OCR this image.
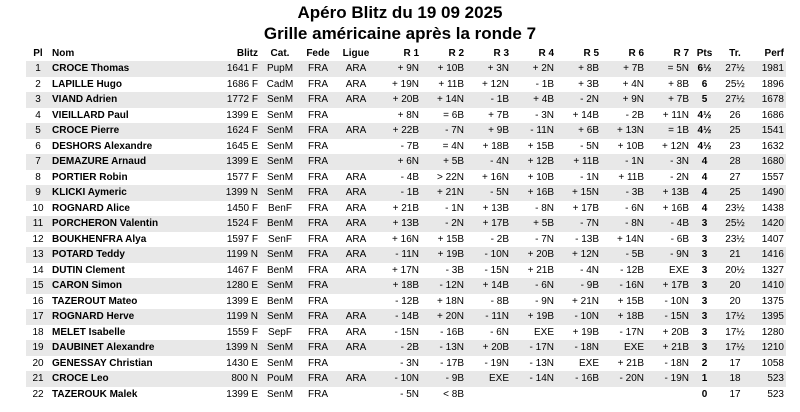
Apéro Blitz du 19 09 2025
Grille américaine après la ronde 7
Pl	Nom	Blitz	Cat.	Fede	Ligue	R 1	R 2	R 3	R 4	R 5	R 6	R 7	Pts	Tr.	Perf
1	CROCE Thomas	1641 F	PupM	FRA	ARA	+ 9N	+ 10B	+ 3N	+ 2N	+ 8B	+ 7B	= 5N	6½	27½	1981
2	LAPILLE Hugo	1686 F	CadM	FRA	ARA	+ 19N	+ 11B	+ 12N	- 1B	+ 3B	+ 4N	+ 8B	6	25½	1896
3	VIAND Adrien	1772 F	SenM	FRA	ARA	+ 20B	+ 14N	- 1B	+ 4B	- 2N	+ 9N	+ 7B	5	27½	1678
4	VIEILLARD Paul	1399 E	SenM	FRA		+ 8N	= 6B	+ 7B	- 3N	+ 14B	- 2B	+ 11N	4½	26	1686
5	CROCE Pierre	1624 F	SenM	FRA	ARA	+ 22B	- 7N	+ 9B	- 11N	+ 6B	+ 13N	= 1B	4½	25	1541
6	DESHORS Alexandre	1645 E	SenM	FRA		- 7B	= 4N	+ 18B	+ 15B	- 5N	+ 10B	+ 12N	4½	23	1632
7	DEMAZURE Arnaud	1399 E	SenM	FRA		+ 6N	+ 5B	- 4N	+ 12B	+ 11B	- 1N	- 3N	4	28	1680
8	PORTIER Robin	1577 F	SenM	FRA	ARA	- 4B	> 22N	+ 16N	+ 10B	- 1N	+ 11B	- 2N	4	27	1557
9	KLICKI Aymeric	1399 N	SenM	FRA	ARA	- 1B	+ 21N	- 5N	+ 16B	+ 15N	- 3B	+ 13B	4	25	1490
10	ROGNARD Alice	1450 F	BenF	FRA	ARA	+ 21B	- 1N	+ 13B	- 8N	+ 17B	- 6N	+ 16B	4	23½	1438
11	PORCHERON Valentin	1524 F	BenM	FRA	ARA	+ 13B	- 2N	+ 17B	+ 5B	- 7N	- 8N	- 4B	3	25½	1420
12	BOUKHENFRA Alya	1597 F	SenF	FRA	ARA	+ 16N	+ 15B	- 2B	- 7N	- 13B	+ 14N	- 6B	3	23½	1407
13	POTARD Teddy	1199 N	SenM	FRA	ARA	- 11N	+ 19B	- 10N	+ 20B	+ 12N	- 5B	- 9N	3	21	1416
14	DUTIN Clement	1467 F	BenM	FRA	ARA	+ 17N	- 3B	- 15N	+ 21B	- 4N	- 12B	EXE	3	20½	1327
15	CARON Simon	1280 E	SenM	FRA		+ 18B	- 12N	+ 14B	- 6N	- 9B	- 16N	+ 17B	3	20	1410
16	TAZEROUT Mateo	1399 E	BenM	FRA		- 12B	+ 18N	- 8B	- 9N	+ 21N	+ 15B	- 10N	3	20	1375
17	ROGNARD Herve	1199 N	SenM	FRA	ARA	- 14B	+ 20N	- 11N	+ 19B	- 10N	+ 18B	- 15N	3	17½	1395
18	MELET Isabelle	1559 F	SepF	FRA	ARA	- 15N	- 16B	- 6N	EXE	+ 19B	- 17N	+ 20B	3	17½	1280
19	DAUBINET Alexandre	1399 N	SenM	FRA	ARA	- 2B	- 13N	+ 20B	- 17N	- 18N	EXE	+ 21B	3	17½	1210
20	GENESSAY Christian	1430 E	SenM	FRA		- 3N	- 17B	- 19N	- 13N	EXE	+ 21B	- 18N	2	17	1058
21	CROCE Leo	800 N	PouM	FRA	ARA	- 10N	- 9B	EXE	- 14N	- 16B	- 20N	- 19N	1	18	523
22	TAZEROUK Malek	1399 E	SenM	FRA		- 5N	< 8B						0	17	523
